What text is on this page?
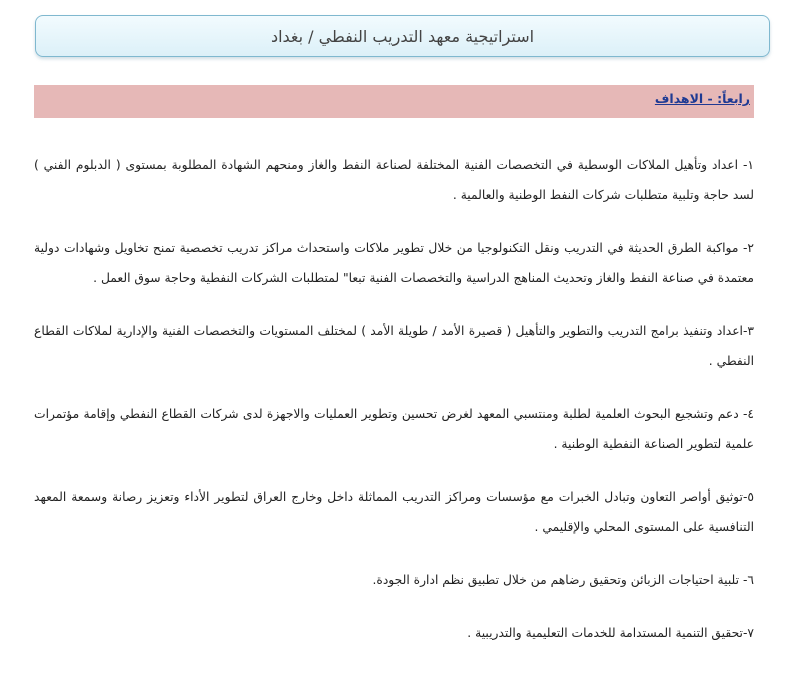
استراتيجية معهد التدريب النفطي / بغداد
رابعاً: - الاهداف

١- اعداد وتأهيل الملاكات الوسطية في التخصصات الفنية المختلفة لصناعة النفط والغاز ومنحهم الشهادة المطلوبة بمستوى ( الدبلوم الفني ) لسد حاجة وتلبية متطلبات شركات النفط الوطنية والعالمية .

٢- مواكبة الطرق الحديثة في التدريب ونقل التكنولوجيا من خلال تطوير ملاكات واستحداث مراكز تدريب تخصصية تمنح تخاويل وشهادات دولية معتمدة في صناعة النفط والغاز وتحديث المناهج الدراسية والتخصصات الفنية تبعا" لمتطلبات الشركات النفطية وحاجة سوق العمل .

٣-اعداد وتنفيذ برامج التدريب والتطوير والتأهيل ( قصيرة الأمد / طويلة الأمد ) لمختلف المستويات والتخصصات الفنية والإدارية لملاكات القطاع النفطي .

٤- دعم وتشجيع البحوث العلمية لطلبة ومنتسبي المعهد لغرض تحسين وتطوير العمليات والاجهزة لدى شركات القطاع النفطي وإقامة مؤتمرات علمية لتطوير الصناعة النفطية الوطنية .

٥-توثيق أواصر التعاون وتبادل الخبرات مع مؤسسات ومراكز التدريب المماثلة داخل وخارج العراق لتطوير الأداء وتعزيز رصانة وسمعة المعهد التنافسية على المستوى المحلي والإقليمي .

٦- تلبية احتياجات الزبائن وتحقيق رضاهم من خلال تطبيق نظم ادارة الجودة.

٧-تحقيق التنمية المستدامة للخدمات التعليمية والتدريبية .
